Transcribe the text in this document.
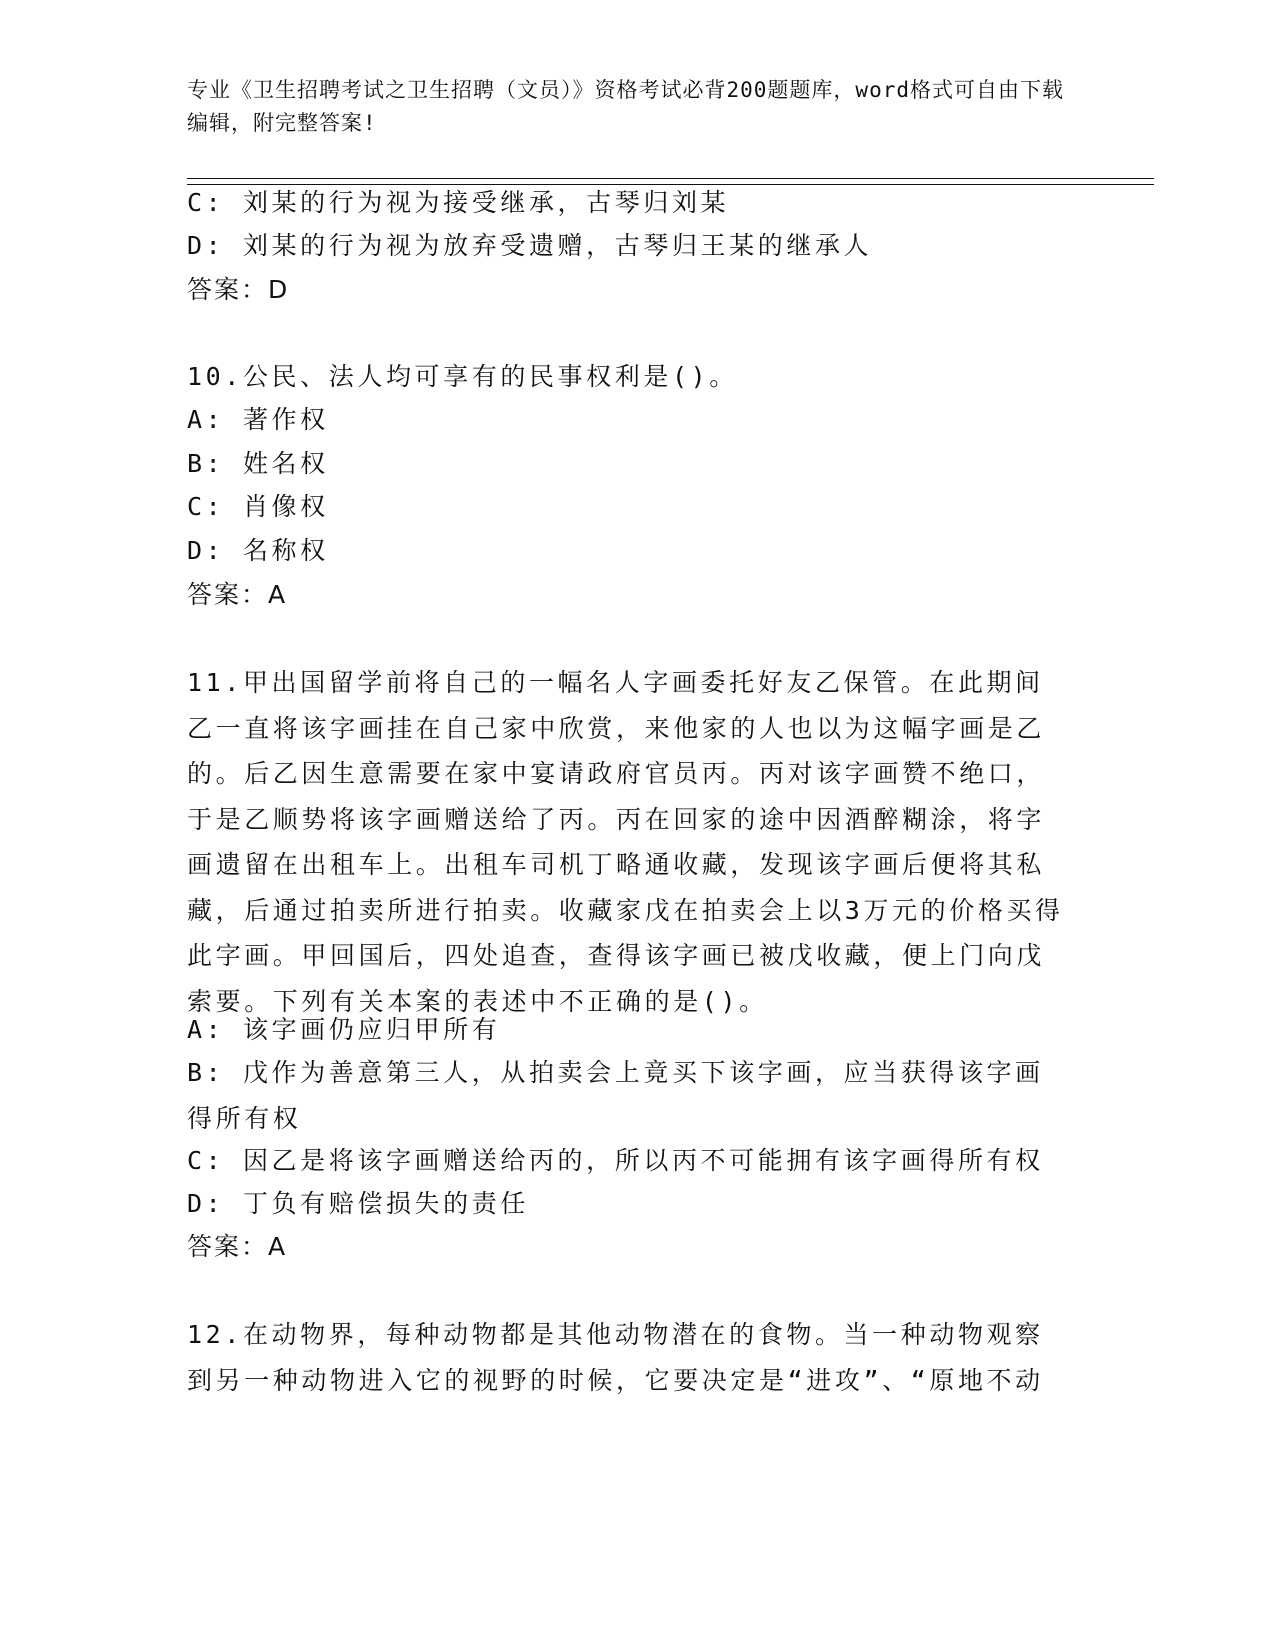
专业《卫生招聘考试之卫生招聘（文员）》资格考试必背200题题库，word格式可自由下载编辑，附完整答案!
C: 刘某的行为视为接受继承，古琴归刘某
D: 刘某的行为视为放弃受遗赠，古琴归王某的继承人
答案：D
10.公民、法人均可享有的民事权利是()。
A: 著作权
B: 姓名权
C: 肖像权
D: 名称权
答案：A
11.甲出国留学前将自己的一幅名人字画委托好友乙保管。在此期间乙一直将该字画挂在自己家中欣赏，来他家的人也以为这幅字画是乙的。后乙因生意需要在家中宴请政府官员丙。丙对该字画赞不绝口，于是乙顺势将该字画赠送给了丙。丙在回家的途中因酒醉糊涂，将字画遗留在出租车上。出租车司机丁略通收藏，发现该字画后便将其私藏，后通过拍卖所进行拍卖。收藏家戊在拍卖会上以3万元的价格买得此字画。甲回国后，四处追查，查得该字画已被戊收藏，便上门向戊索要。下列有关本案的表述中不正确的是()。
A: 该字画仍应归甲所有
B: 戊作为善意第三人，从拍卖会上竟买下该字画，应当获得该字画得所有权
C: 因乙是将该字画赠送给丙的，所以丙不可能拥有该字画得所有权
D: 丁负有赔偿损失的责任
答案：A
12.在动物界，每种动物都是其他动物潜在的食物。当一种动物观察到另一种动物进入它的视野的时候，它要决定是“进攻”、“原地不动
